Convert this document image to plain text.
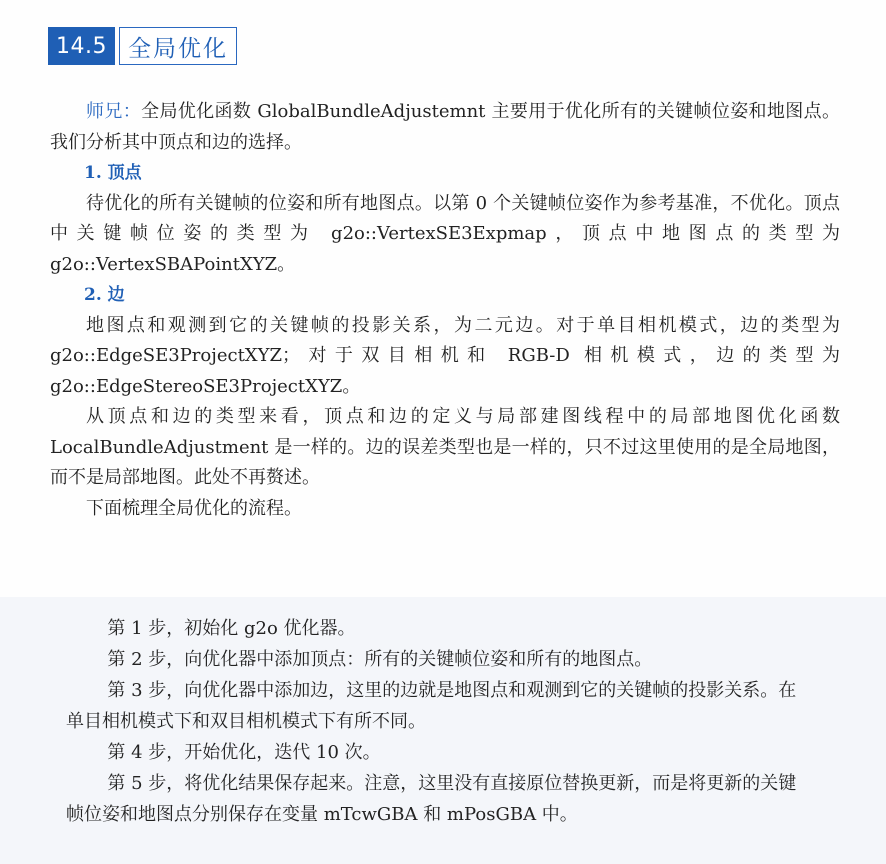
14.5 全局优化

师兄：全局优化函数 GlobalBundleAdjustemnt 主要用于优化所有的关键帧位姿和地图点。我们分析其中顶点和边的选择。

1. 顶点

待优化的所有关键帧的位姿和所有地图点。以第 0 个关键帧位姿作为参考基准，不优化。顶点中关键帧位姿的类型为 g2o::VertexSE3Expmap，顶点中地图点的类型为 g2o::VertexSBAPointXYZ。

2. 边

地图点和观测到它的关键帧的投影关系，为二元边。对于单目相机模式，边的类型为 g2o::EdgeSE3ProjectXYZ；对于双目相机和 RGB-D 相机模式，边的类型为 g2o::EdgeStereoSE3ProjectXYZ。

从顶点和边的类型来看，顶点和边的定义与局部建图线程中的局部地图优化函数 LocalBundleAdjustment 是一样的。边的误差类型也是一样的，只不过这里使用的是全局地图，而不是局部地图。此处不再赘述。

下面梳理全局优化的流程。

第 1 步，初始化 g2o 优化器。

第 2 步，向优化器中添加顶点：所有的关键帧位姿和所有的地图点。

第 3 步，向优化器中添加边，这里的边就是地图点和观测到它的关键帧的投影关系。在单目相机模式下和双目相机模式下有所不同。

第 4 步，开始优化，迭代 10 次。

第 5 步，将优化结果保存起来。注意，这里没有直接原位替换更新，而是将更新的关键帧位姿和地图点分别保存在变量 mTcwGBA 和 mPosGBA 中。
